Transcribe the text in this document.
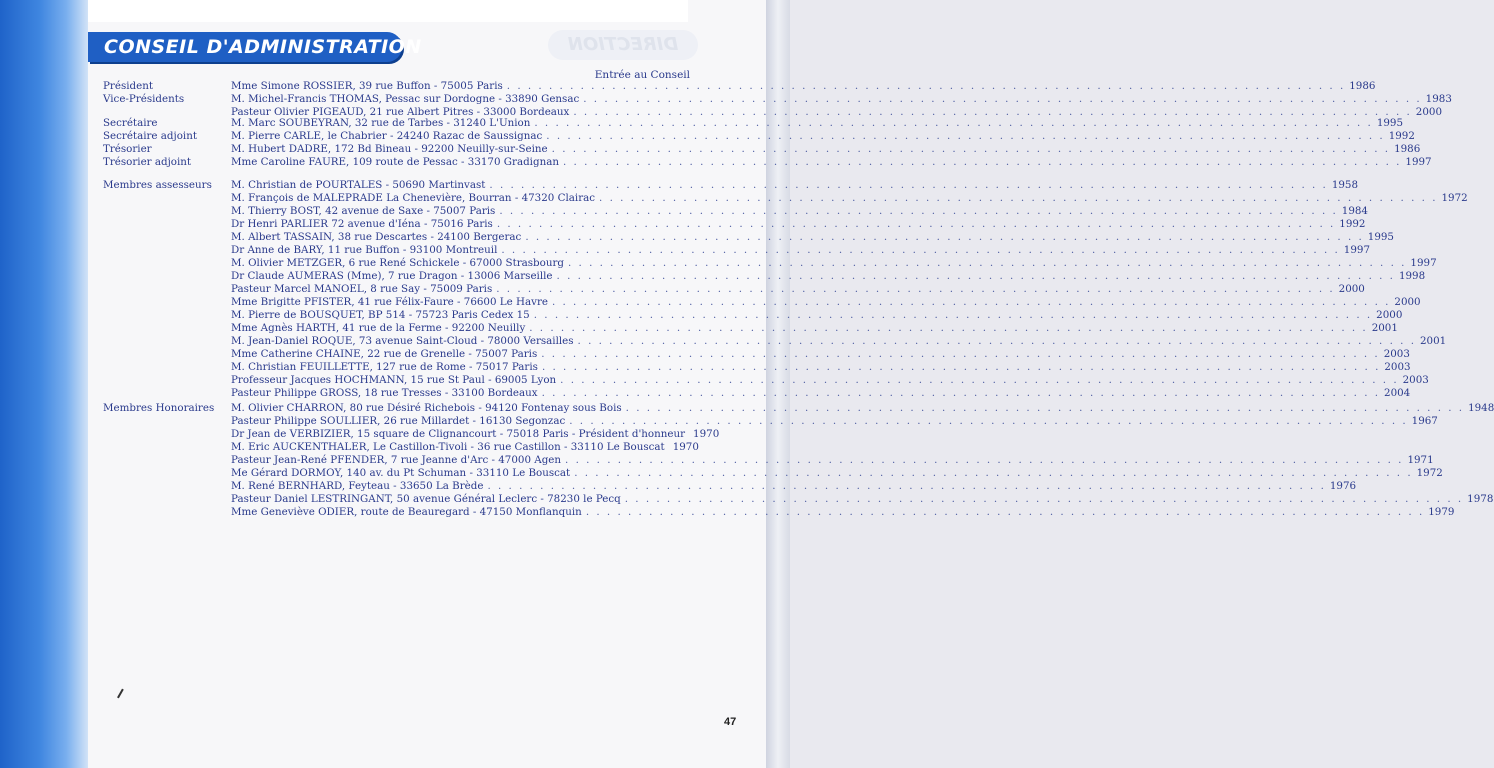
DIRECTION
CONSEIL D'ADMINISTRATION
Entrée au Conseil
Président
Vice-Présidents
Secrétaire
Secrétaire adjoint
Trésorier
Trésorier adjoint
Membres assesseurs
Membres Honoraires
Mme Simone ROSSIER, 39 rue Buffon - 75005 Paris . . . . . . . . . . . . . . . . . . . . . . . . . . . . . . . . . . . . . . . . . . . . . . . . . . . . . . . . . . . . . . . . . . . . . . . . . . . . . . . . 1986
M. Michel-Francis THOMAS, Pessac sur Dordogne - 33890 Gensac . . . . . . . . . . . . . . . . . . . . . . . . . . . . . . . . . . . . . . . . . . . . . . . . . . . . . . . . . . . . . . . . . . . . . . . . . . . . . . . . 1983
Pasteur Olivier PIGEAUD, 21 rue Albert Pitres - 33000 Bordeaux . . . . . . . . . . . . . . . . . . . . . . . . . . . . . . . . . . . . . . . . . . . . . . . . . . . . . . . . . . . . . . . . . . . . . . . . . . . . . . . . 2000
M. Marc SOUBEYRAN, 32 rue de Tarbes - 31240 L'Union . . . . . . . . . . . . . . . . . . . . . . . . . . . . . . . . . . . . . . . . . . . . . . . . . . . . . . . . . . . . . . . . . . . . . . . . . . . . . . . . 1995
M. Pierre CARLE, le Chabrier - 24240 Razac de Saussignac . . . . . . . . . . . . . . . . . . . . . . . . . . . . . . . . . . . . . . . . . . . . . . . . . . . . . . . . . . . . . . . . . . . . . . . . . . . . . . . . 1992
M. Hubert DADRE, 172 Bd Bineau - 92200 Neuilly-sur-Seine . . . . . . . . . . . . . . . . . . . . . . . . . . . . . . . . . . . . . . . . . . . . . . . . . . . . . . . . . . . . . . . . . . . . . . . . . . . . . . . . 1986
Mme Caroline FAURE, 109 route de Pessac - 33170 Gradignan . . . . . . . . . . . . . . . . . . . . . . . . . . . . . . . . . . . . . . . . . . . . . . . . . . . . . . . . . . . . . . . . . . . . . . . . . . . . . . . . 1997
M. Christian de POURTALES - 50690 Martinvast . . . . . . . . . . . . . . . . . . . . . . . . . . . . . . . . . . . . . . . . . . . . . . . . . . . . . . . . . . . . . . . . . . . . . . . . . . . . . . . . 1958
M. François de MALEPRADE La Chenevière, Bourran - 47320 Clairac . . . . . . . . . . . . . . . . . . . . . . . . . . . . . . . . . . . . . . . . . . . . . . . . . . . . . . . . . . . . . . . . . . . . . . . . . . . . . . . . 1972
M. Thierry BOST, 42 avenue de Saxe - 75007 Paris . . . . . . . . . . . . . . . . . . . . . . . . . . . . . . . . . . . . . . . . . . . . . . . . . . . . . . . . . . . . . . . . . . . . . . . . . . . . . . . . 1984
Dr Henri PARLIER 72 avenue d'Iéna - 75016 Paris . . . . . . . . . . . . . . . . . . . . . . . . . . . . . . . . . . . . . . . . . . . . . . . . . . . . . . . . . . . . . . . . . . . . . . . . . . . . . . . . 1992
M. Albert TASSAIN, 38 rue Descartes - 24100 Bergerac . . . . . . . . . . . . . . . . . . . . . . . . . . . . . . . . . . . . . . . . . . . . . . . . . . . . . . . . . . . . . . . . . . . . . . . . . . . . . . . . 1995
Dr Anne de BARY, 11 rue Buffon - 93100 Montreuil . . . . . . . . . . . . . . . . . . . . . . . . . . . . . . . . . . . . . . . . . . . . . . . . . . . . . . . . . . . . . . . . . . . . . . . . . . . . . . . . 1997
M. Olivier METZGER, 6 rue René Schickele - 67000 Strasbourg . . . . . . . . . . . . . . . . . . . . . . . . . . . . . . . . . . . . . . . . . . . . . . . . . . . . . . . . . . . . . . . . . . . . . . . . . . . . . . . . 1997
Dr Claude AUMERAS (Mme), 7 rue Dragon - 13006 Marseille . . . . . . . . . . . . . . . . . . . . . . . . . . . . . . . . . . . . . . . . . . . . . . . . . . . . . . . . . . . . . . . . . . . . . . . . . . . . . . . . 1998
Pasteur Marcel MANOEL, 8 rue Say - 75009 Paris . . . . . . . . . . . . . . . . . . . . . . . . . . . . . . . . . . . . . . . . . . . . . . . . . . . . . . . . . . . . . . . . . . . . . . . . . . . . . . . . 2000
Mme Brigitte PFISTER, 41 rue Félix-Faure - 76600 Le Havre . . . . . . . . . . . . . . . . . . . . . . . . . . . . . . . . . . . . . . . . . . . . . . . . . . . . . . . . . . . . . . . . . . . . . . . . . . . . . . . . 2000
M. Pierre de BOUSQUET, BP 514 - 75723 Paris Cedex 15 . . . . . . . . . . . . . . . . . . . . . . . . . . . . . . . . . . . . . . . . . . . . . . . . . . . . . . . . . . . . . . . . . . . . . . . . . . . . . . . . 2000
Mme Agnès HARTH, 41 rue de la Ferme - 92200 Neuilly . . . . . . . . . . . . . . . . . . . . . . . . . . . . . . . . . . . . . . . . . . . . . . . . . . . . . . . . . . . . . . . . . . . . . . . . . . . . . . . . 2001
M. Jean-Daniel ROQUE, 73 avenue Saint-Cloud - 78000 Versailles . . . . . . . . . . . . . . . . . . . . . . . . . . . . . . . . . . . . . . . . . . . . . . . . . . . . . . . . . . . . . . . . . . . . . . . . . . . . . . . . 2001
Mme Catherine CHAINE, 22 rue de Grenelle - 75007 Paris . . . . . . . . . . . . . . . . . . . . . . . . . . . . . . . . . . . . . . . . . . . . . . . . . . . . . . . . . . . . . . . . . . . . . . . . . . . . . . . . 2003
M. Christian FEUILLETTE, 127 rue de Rome - 75017 Paris . . . . . . . . . . . . . . . . . . . . . . . . . . . . . . . . . . . . . . . . . . . . . . . . . . . . . . . . . . . . . . . . . . . . . . . . . . . . . . . . 2003
Professeur Jacques HOCHMANN, 15 rue St Paul - 69005 Lyon . . . . . . . . . . . . . . . . . . . . . . . . . . . . . . . . . . . . . . . . . . . . . . . . . . . . . . . . . . . . . . . . . . . . . . . . . . . . . . . . 2003
Pasteur Philippe GROSS, 18 rue Tresses - 33100 Bordeaux . . . . . . . . . . . . . . . . . . . . . . . . . . . . . . . . . . . . . . . . . . . . . . . . . . . . . . . . . . . . . . . . . . . . . . . . . . . . . . . . 2004
M. Olivier CHARRON, 80 rue Désiré Richebois - 94120 Fontenay sous Bois . . . . . . . . . . . . . . . . . . . . . . . . . . . . . . . . . . . . . . . . . . . . . . . . . . . . . . . . . . . . . . . . . . . . . . . . . . . . . . . . 1948
Pasteur Philippe SOULLIER, 26 rue Millardet - 16130 Segonzac . . . . . . . . . . . . . . . . . . . . . . . . . . . . . . . . . . . . . . . . . . . . . . . . . . . . . . . . . . . . . . . . . . . . . . . . . . . . . . . . 1967
Dr Jean de VERBIZIER, 15 square de Clignancourt - 75018 Paris - Président d'honneur 1970
M. Eric AUCKENTHALER, Le Castillon-Tivoli - 36 rue Castillon - 33110 Le Bouscat 1970
Pasteur Jean-René PFENDER, 7 rue Jeanne d'Arc - 47000 Agen . . . . . . . . . . . . . . . . . . . . . . . . . . . . . . . . . . . . . . . . . . . . . . . . . . . . . . . . . . . . . . . . . . . . . . . . . . . . . . . . 1971
Me Gérard DORMOY, 140 av. du Pt Schuman - 33110 Le Bouscat . . . . . . . . . . . . . . . . . . . . . . . . . . . . . . . . . . . . . . . . . . . . . . . . . . . . . . . . . . . . . . . . . . . . . . . . . . . . . . . . 1972
M. René BERNHARD, Feyteau - 33650 La Brède . . . . . . . . . . . . . . . . . . . . . . . . . . . . . . . . . . . . . . . . . . . . . . . . . . . . . . . . . . . . . . . . . . . . . . . . . . . . . . . . 1976
Pasteur Daniel LESTRINGANT, 50 avenue Général Leclerc - 78230 le Pecq . . . . . . . . . . . . . . . . . . . . . . . . . . . . . . . . . . . . . . . . . . . . . . . . . . . . . . . . . . . . . . . . . . . . . . . . . . . . . . . . 1978
Mme Geneviève ODIER, route de Beauregard - 47150 Monflanquin . . . . . . . . . . . . . . . . . . . . . . . . . . . . . . . . . . . . . . . . . . . . . . . . . . . . . . . . . . . . . . . . . . . . . . . . . . . . . . . . 1979
47
